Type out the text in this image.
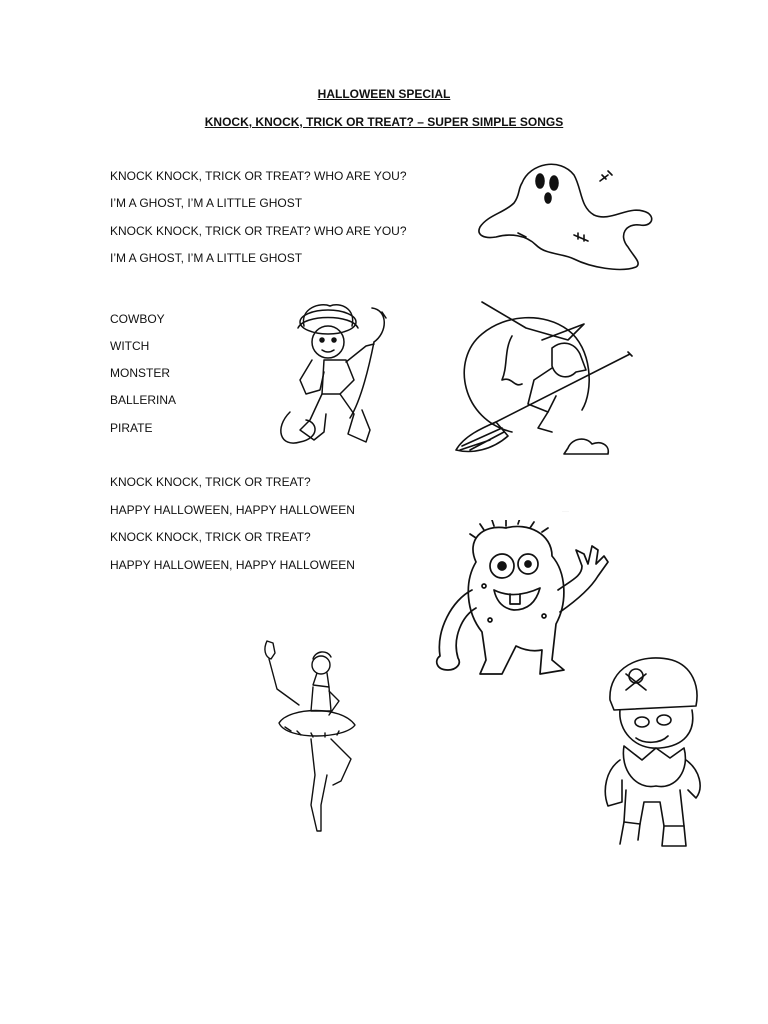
HALLOWEEN SPECIAL
KNOCK, KNOCK, TRICK OR TREAT? – SUPER SIMPLE SONGS
KNOCK KNOCK, TRICK OR TREAT? WHO ARE YOU?
I’M A GHOST, I’M A LITTLE GHOST
KNOCK KNOCK, TRICK OR TREAT? WHO ARE YOU?
I’M A GHOST, I’M A LITTLE GHOST
COWBOY
WITCH
MONSTER
BALLERINA
PIRATE
KNOCK KNOCK, TRICK OR TREAT?
HAPPY HALLOWEEN, HAPPY HALLOWEEN
KNOCK KNOCK, TRICK OR TREAT?
HAPPY HALLOWEEN, HAPPY HALLOWEEN
·······
